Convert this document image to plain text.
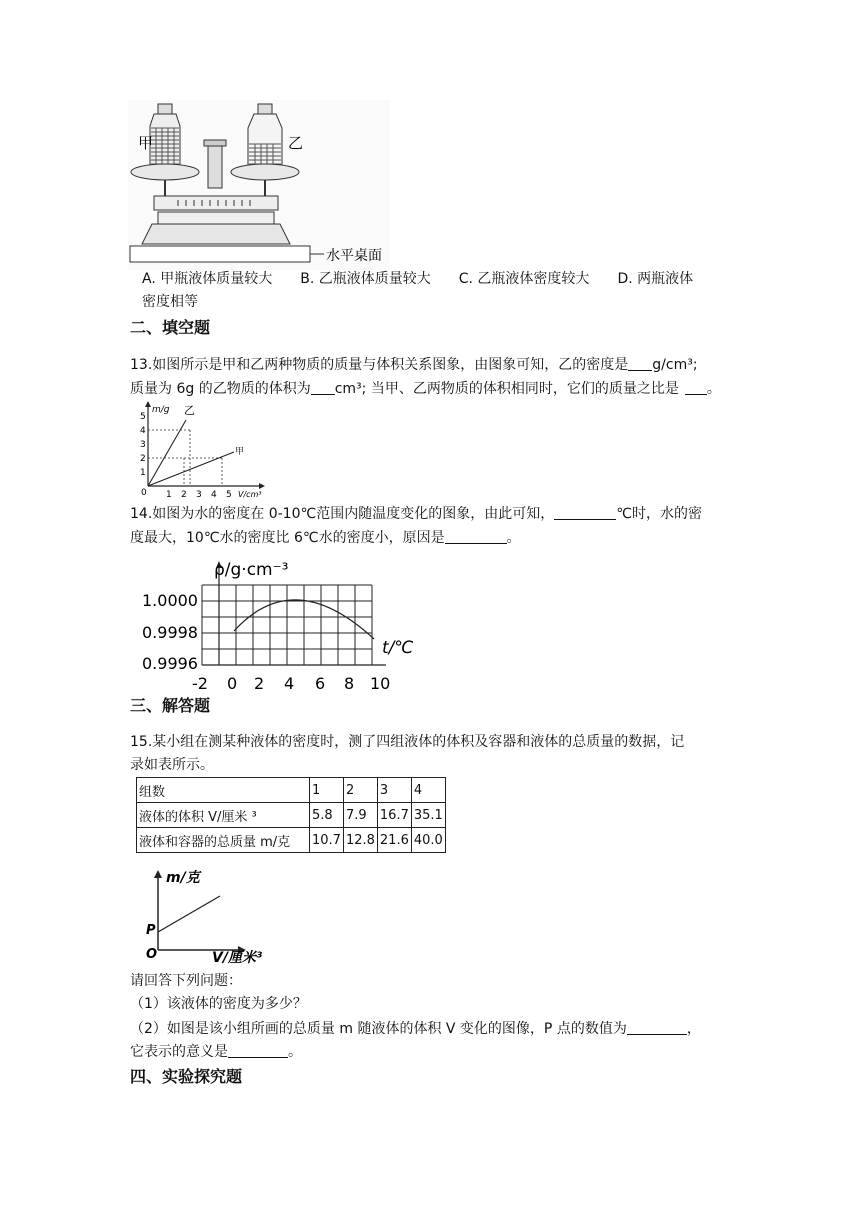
甲	乙
水平桌面
A. 甲瓶液体质量较大 B. 乙瓶液体质量较大 C. 乙瓶液体密度较大 D. 两瓶液体
密度相等
二、填空题
13.如图所示是甲和乙两种物质的质量与体积关系图象，由图象可知，乙的密度是 g/cm³;
质量为 6g 的乙物质的体积为 cm³; 当甲、乙两物质的体积相同时，它们的质量之比是 。
m/g
V/cm³
1
2
3
4
5
0 1 2 3 4 5
乙
甲
14.如图为水的密度在 0-10℃范围内随温度变化的图象，由此可知，	℃时，水的密
度最大，10℃水的密度比 6℃水的密度小，原因是	。
ρ/g·cm⁻³
t/℃
1.0000
0.9998
0.9996
-2 0 2 4 6 8 10
三、解答题
15.某小组在测某种液体的密度时，测了四组液体的体积及容器和液体的总质量的数据，记
录如表所示。
组数	1	2	3	4
液体的体积 V/厘米 ³	5.8	7.9	16.7	35.1
液体和容器的总质量 m/克	10.7	12.8	21.6	40.0
m/克
V/厘米³
P
O
请回答下列问题：
（1）该液体的密度为多少？
（2）如图是该小组所画的总质量 m 随液体的体积 V 变化的图像，P 点的数值为	，
它表示的意义是	。
四、实验探究题
